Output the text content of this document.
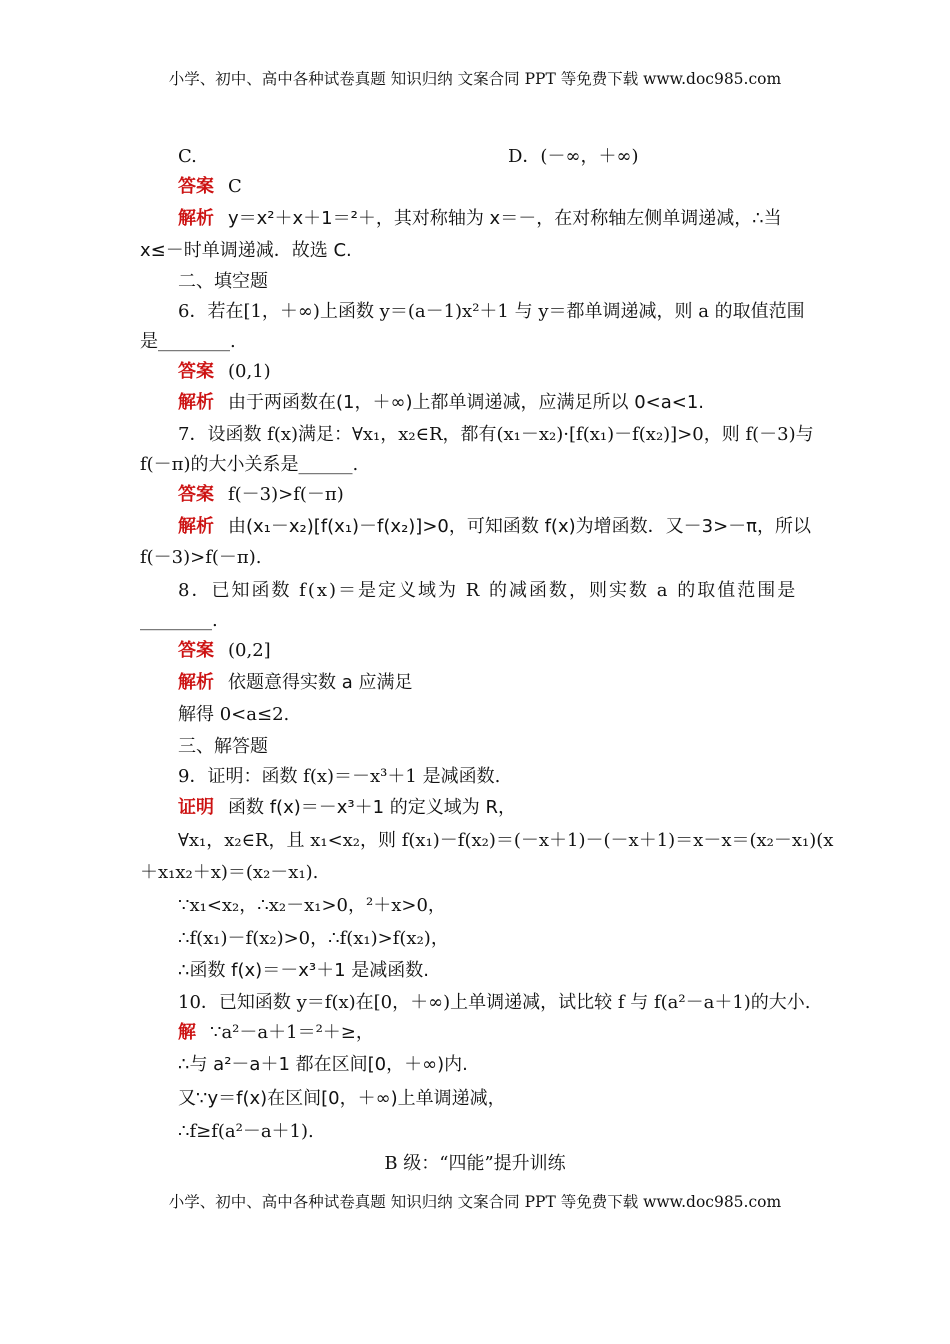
小学、初中、高中各种试卷真题 知识归纳 文案合同 PPT 等免费下载 www.doc985.com
C.	D．(－∞，＋∞)
答案 C
解析 y＝x²＋x＋1＝²＋，其对称轴为 x＝－，在对称轴左侧单调递减，∴当
x≤－时单调递减．故选 C.
二、填空题
6．若在[1，＋∞)上函数 y＝(a－1)x²＋1 与 y＝都单调递减，则 a 的取值范围
是________.
答案 (0,1)
解析 由于两函数在(1，＋∞)上都单调递减，应满足所以 0<a<1.
7．设函数 f(x)满足：∀x₁，x₂∈R，都有(x₁－x₂)·[f(x₁)－f(x₂)]>0，则 f(－3)与
f(－π)的大小关系是______.
答案 f(－3)>f(－π)
解析 由(x₁－x₂)[f(x₁)－f(x₂)]>0，可知函数 f(x)为增函数．又－3>－π，所以
f(－3)>f(－π).
8．已知函数 f(x)＝是定义域为 R 的减函数，则实数 a 的取值范围是
________.
答案 (0,2]
解析 依题意得实数 a 应满足
解得 0<a≤2.
三、解答题
9．证明：函数 f(x)＝－x³＋1 是减函数.
证明 函数 f(x)＝－x³＋1 的定义域为 R，
∀x₁，x₂∈R，且 x₁<x₂，则 f(x₁)－f(x₂)＝(－x＋1)－(－x＋1)＝x－x＝(x₂－x₁)(x
＋x₁x₂＋x)＝(x₂－x₁).
∵x₁<x₂，∴x₂－x₁>0，²＋x>0，
∴f(x₁)－f(x₂)>0，∴f(x₁)>f(x₂)，
∴函数 f(x)＝－x³＋1 是减函数.
10．已知函数 y＝f(x)在[0，＋∞)上单调递减，试比较 f 与 f(a²－a＋1)的大小.
解 ∵a²－a＋1＝²＋≥，
∴与 a²－a＋1 都在区间[0，＋∞)内.
又∵y＝f(x)在区间[0，＋∞)上单调递减，
∴f≥f(a²－a＋1).
B 级：“四能”提升训练
小学、初中、高中各种试卷真题 知识归纳 文案合同 PPT 等免费下载 www.doc985.com
